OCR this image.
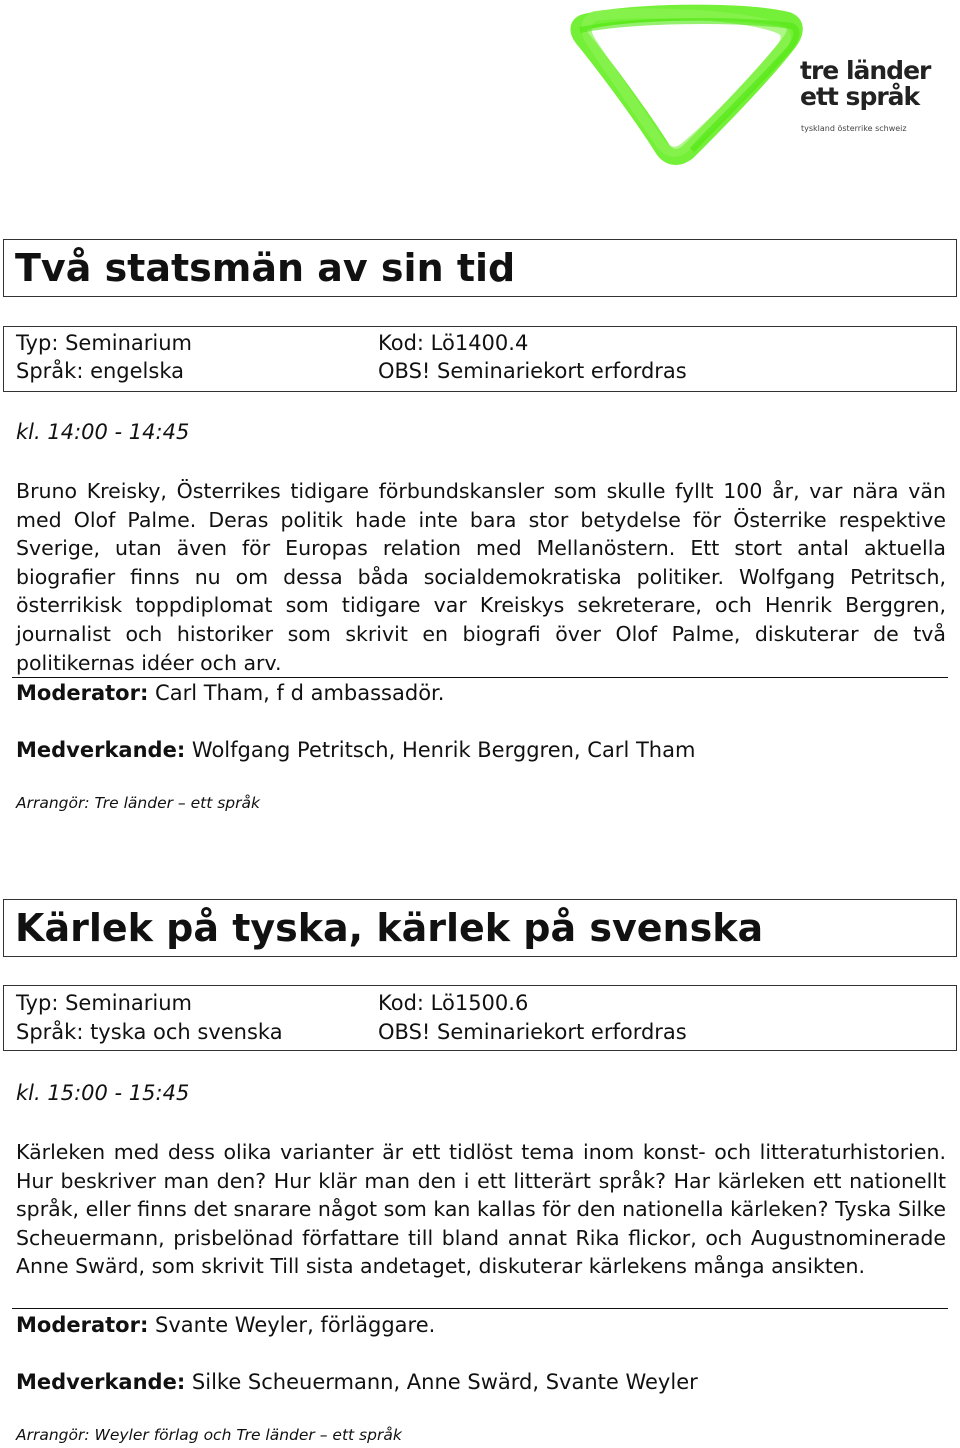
tre länder
ett språk
tyskland österrike schweiz
Två statsmän av sin tid
Typ: Seminarium	Kod: Lö1400.4
Språk: engelska	OBS! Seminariekort erfordras
kl. 14:00 - 14:45
Bruno Kreisky, Österrikes tidigare förbundskansler som skulle fyllt 100 år, var nära vän med Olof Palme. Deras politik hade inte bara stor betydelse för Österrike respektive Sverige, utan även för Europas relation med Mellanöstern. Ett stort antal aktuella biografier finns nu om dessa båda socialdemokratiska politiker. Wolfgang Petritsch, österrikisk toppdiplomat som tidigare var Kreiskys sekreterare, och Henrik Berggren, journalist och historiker som skrivit en biografi över Olof Palme, diskuterar de två politikernas idéer och arv.
Moderator: Carl Tham, f d ambassadör.
Medverkande: Wolfgang Petritsch, Henrik Berggren, Carl Tham
Arrangör: Tre länder – ett språk
Kärlek på tyska, kärlek på svenska
Typ: Seminarium	Kod: Lö1500.6
Språk: tyska och svenska	OBS! Seminariekort erfordras
kl. 15:00 - 15:45
Kärleken med dess olika varianter är ett tidlöst tema inom konst- och litteraturhistorien. Hur beskriver man den? Hur klär man den i ett litterärt språk? Har kärleken ett nationellt språk, eller finns det snarare något som kan kallas för den nationella kärleken? Tyska Silke Scheuermann, prisbelönad författare till bland annat Rika flickor, och Augustnominerade Anne Swärd, som skrivit Till sista andetaget, diskuterar kärlekens många ansikten.
Moderator: Svante Weyler, förläggare.
Medverkande: Silke Scheuermann, Anne Swärd, Svante Weyler
Arrangör: Weyler förlag och Tre länder – ett språk
